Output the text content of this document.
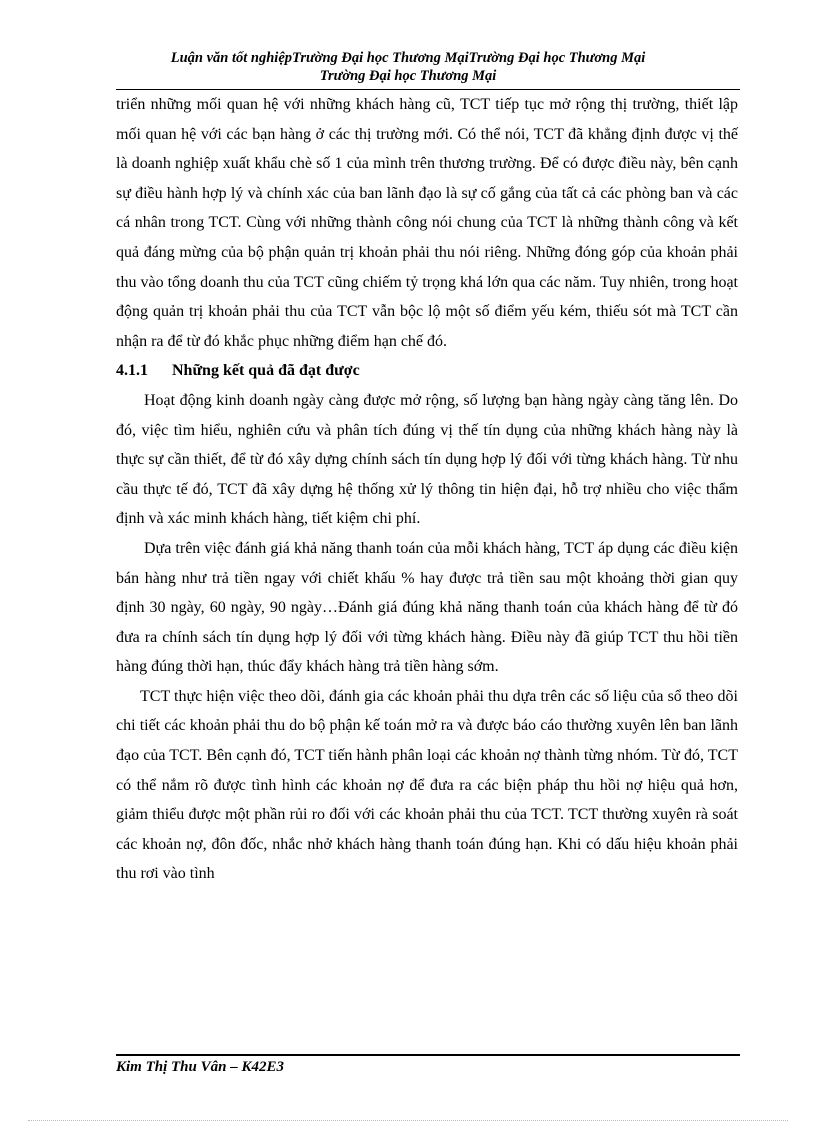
Luận văn tốt nghiệpTrường Đại học Thương MạiTrường Đại học Thương Mại
Trường Đại học Thương Mại

triển những mối quan hệ với những khách hàng cũ, TCT tiếp tục mở rộng thị trường, thiết lập mối quan hệ với các bạn hàng ở các thị trường mới. Có thể nói, TCT đã khẳng định được vị thế là doanh nghiệp xuất khẩu chè số 1 của mình trên thương trường. Để có được điều này, bên cạnh sự điều hành hợp lý và chính xác của ban lãnh đạo là sự cố gắng của tất cả các phòng ban và các cá nhân trong TCT. Cùng với những thành công nói chung của TCT là những thành công và kết quả đáng mừng của bộ phận quản trị khoản phải thu nói riêng. Những đóng góp của khoản phải thu vào tổng doanh thu của TCT cũng chiếm tỷ trọng khá lớn qua các năm. Tuy nhiên, trong hoạt động quản trị khoản phải thu của TCT vẫn bộc lộ một số điểm yếu kém, thiếu sót mà TCT cần nhận ra để từ đó khắc phục những điểm hạn chế đó.

4.1.1 Những kết quả đã đạt được

Hoạt động kinh doanh ngày càng được mở rộng, số lượng bạn hàng ngày càng tăng lên. Do đó, việc tìm hiểu, nghiên cứu và phân tích đúng vị thế tín dụng của những khách hàng này là thực sự cần thiết, để từ đó xây dựng chính sách tín dụng hợp lý đối với từng khách hàng. Từ nhu cầu thực tế đó, TCT đã xây dựng hệ thống xử lý thông tin hiện đại, hỗ trợ nhiều cho việc thẩm định và xác minh khách hàng, tiết kiệm chi phí.

Dựa trên việc đánh giá khả năng thanh toán của mỗi khách hàng, TCT áp dụng các điều kiện bán hàng như trả tiền ngay với chiết khấu % hay được trả tiền sau một khoảng thời gian quy định 30 ngày, 60 ngày, 90 ngày…Đánh giá đúng khả năng thanh toán của khách hàng để từ đó đưa ra chính sách tín dụng hợp lý đối với từng khách hàng. Điều này đã giúp TCT thu hồi tiền hàng đúng thời hạn, thúc đẩy khách hàng trả tiền hàng sớm.

TCT thực hiện việc theo dõi, đánh gia các khoản phải thu dựa trên các số liệu của sổ theo dõi chi tiết các khoản phải thu do bộ phận kế toán mở ra và được báo cáo thường xuyên lên ban lãnh đạo của TCT. Bên cạnh đó, TCT tiến hành phân loại các khoản nợ thành từng nhóm. Từ đó, TCT có thể nắm rõ được tình hình các khoản nợ để đưa ra các biện pháp thu hồi nợ hiệu quả hơn, giảm thiểu được một phần rủi ro đối với các khoản phải thu của TCT. TCT thường xuyên rà soát các khoản nợ, đôn đốc, nhắc nhở khách hàng thanh toán đúng hạn. Khi có dấu hiệu khoản phải thu rơi vào tình

Kim Thị Thu Vân – K42E3
